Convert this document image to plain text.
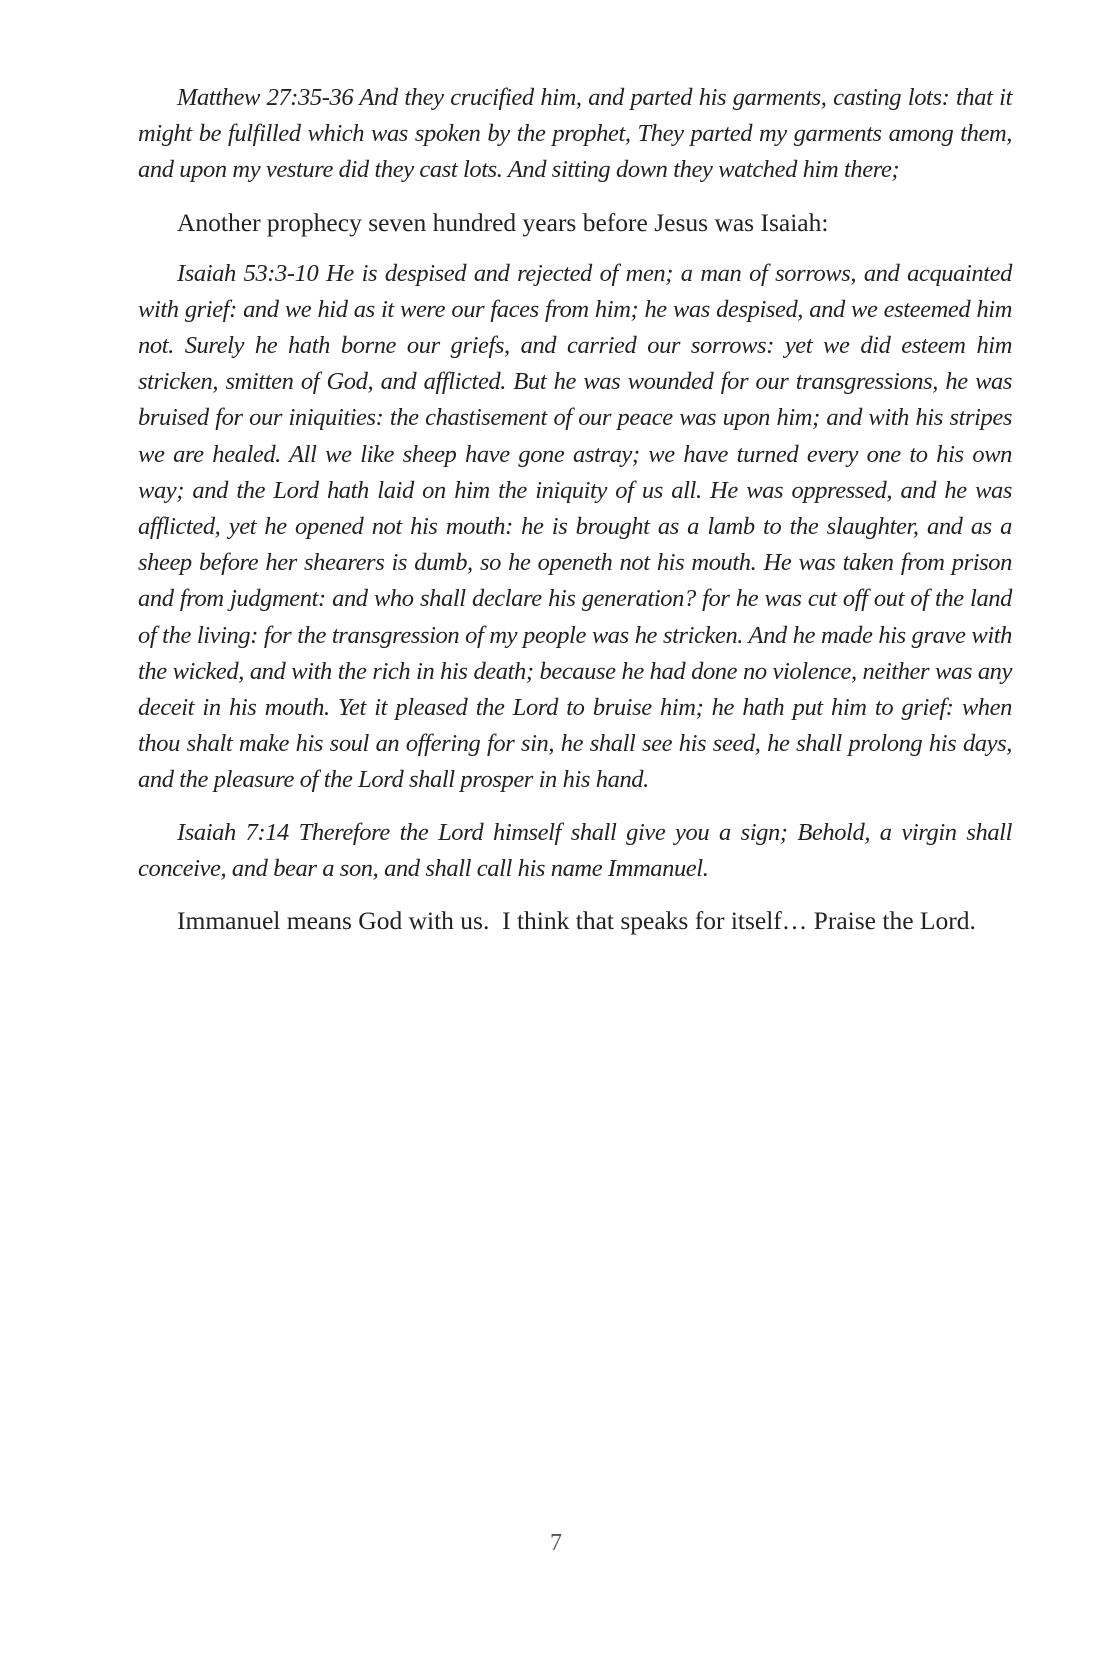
Matthew 27:35-36 And they crucified him, and parted his garments, casting lots: that it might be fulfilled which was spoken by the prophet, They parted my garments among them, and upon my vesture did they cast lots. And sitting down they watched him there;

Another prophecy seven hundred years before Jesus was Isaiah:

Isaiah 53:3-10 He is despised and rejected of men; a man of sorrows, and acquainted with grief: and we hid as it were our faces from him; he was despised, and we esteemed him not. Surely he hath borne our griefs, and carried our sorrows: yet we did esteem him stricken, smitten of God, and afflicted. But he was wounded for our transgressions, he was bruised for our iniquities: the chastisement of our peace was upon him; and with his stripes we are healed. All we like sheep have gone astray; we have turned every one to his own way; and the Lord hath laid on him the iniquity of us all. He was oppressed, and he was afflicted, yet he opened not his mouth: he is brought as a lamb to the slaughter, and as a sheep before her shearers is dumb, so he openeth not his mouth. He was taken from prison and from judgment: and who shall declare his generation? for he was cut off out of the land of the living: for the transgression of my people was he stricken. And he made his grave with the wicked, and with the rich in his death; because he had done no violence, neither was any deceit in his mouth. Yet it pleased the Lord to bruise him; he hath put him to grief: when thou shalt make his soul an offering for sin, he shall see his seed, he shall prolong his days, and the pleasure of the Lord shall prosper in his hand.

Isaiah 7:14 Therefore the Lord himself shall give you a sign; Behold, a virgin shall conceive, and bear a son, and shall call his name Immanuel.

Immanuel means God with us.  I think that speaks for itself… Praise the Lord.

7
